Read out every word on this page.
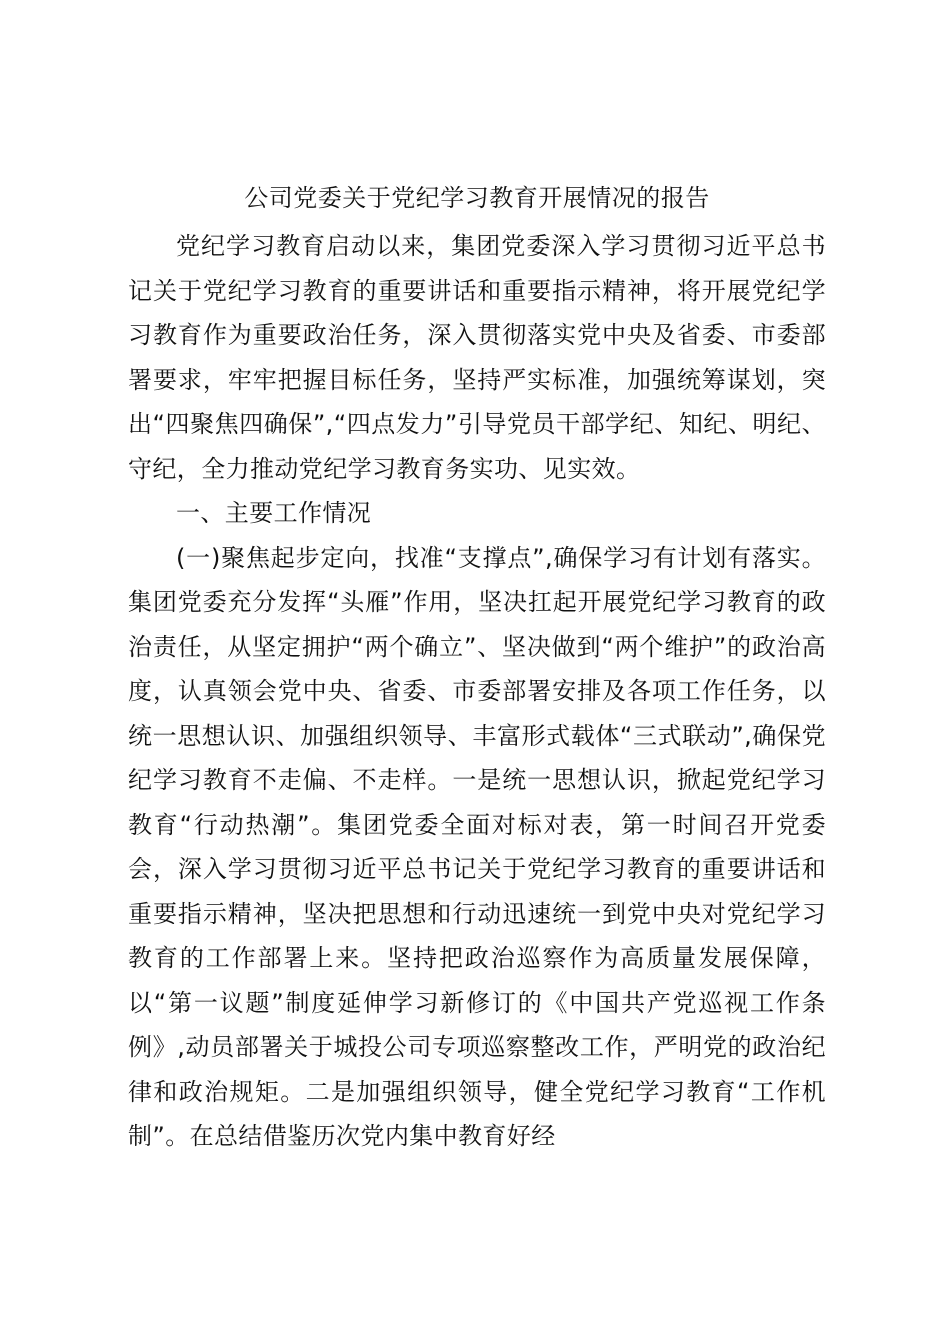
公司党委关于党纪学习教育开展情况的报告

党纪学习教育启动以来，集团党委深入学习贯彻习近平总书记关于党纪学习教育的重要讲话和重要指示精神，将开展党纪学习教育作为重要政治任务，深入贯彻落实党中央及省委、市委部署要求，牢牢把握目标任务，坚持严实标准，加强统筹谋划，突出“四聚焦四确保”,“四点发力”引导党员干部学纪、知纪、明纪、守纪，全力推动党纪学习教育务实功、见实效。

一、主要工作情况

(一)聚焦起步定向，找准“支撑点”,确保学习有计划有落实。集团党委充分发挥“头雁”作用，坚决扛起开展党纪学习教育的政治责任，从坚定拥护“两个确立”、坚决做到“两个维护”的政治高度，认真领会党中央、省委、市委部署安排及各项工作任务，以统一思想认识、加强组织领导、丰富形式载体“三式联动”,确保党纪学习教育不走偏、不走样。一是统一思想认识，掀起党纪学习教育“行动热潮”。集团党委全面对标对表，第一时间召开党委会，深入学习贯彻习近平总书记关于党纪学习教育的重要讲话和重要指示精神，坚决把思想和行动迅速统一到党中央对党纪学习教育的工作部署上来。坚持把政治巡察作为高质量发展保障，以“第一议题”制度延伸学习新修订的《中国共产党巡视工作条例》,动员部署关于城投公司专项巡察整改工作，严明党的政治纪律和政治规矩。二是加强组织领导，健全党纪学习教育“工作机制”。在总结借鉴历次党内集中教育好经
